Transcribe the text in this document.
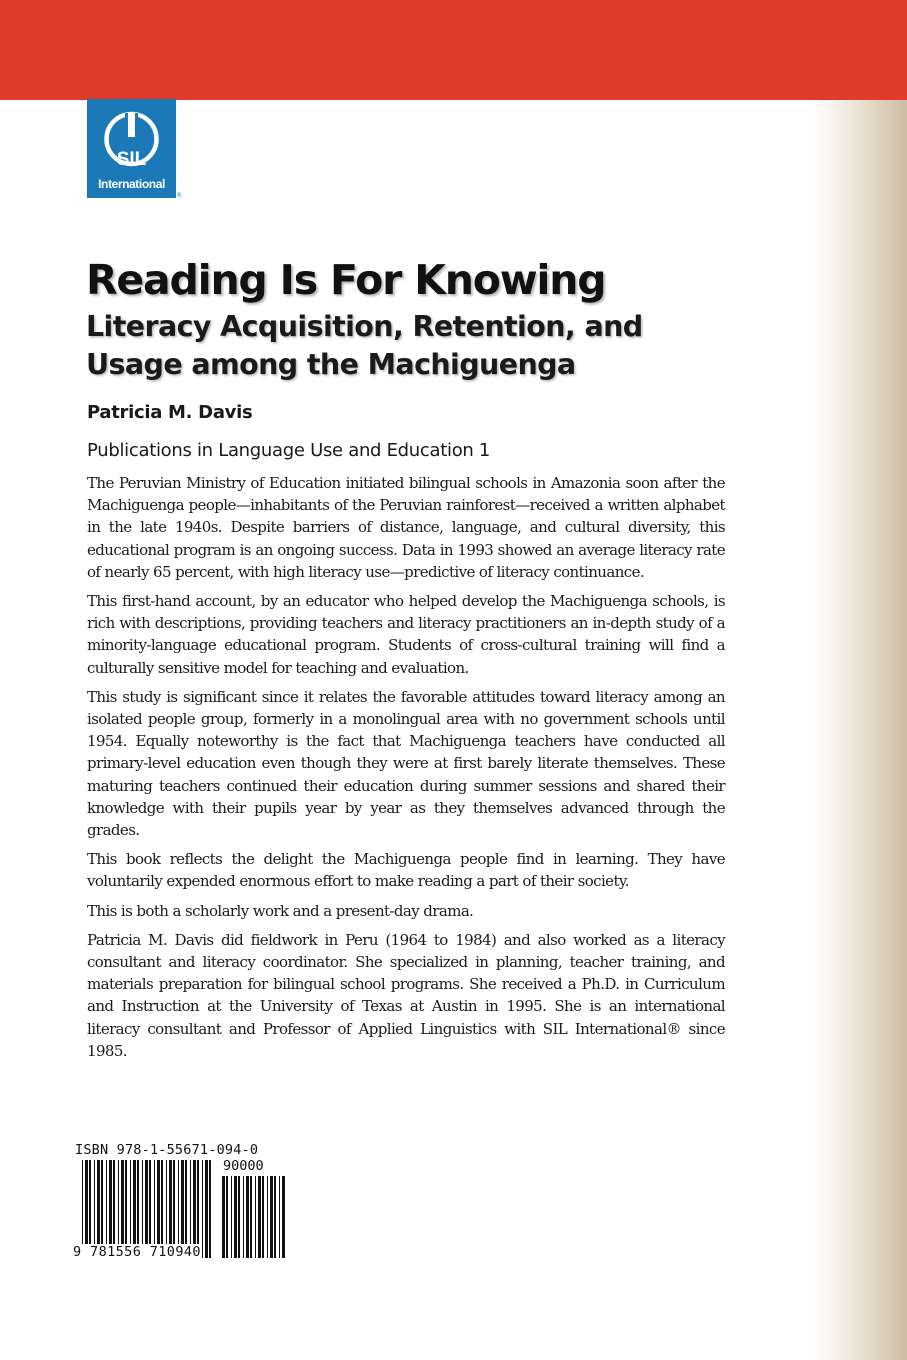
SIL
International
®
Reading Is For Knowing
Literacy Acquisition, Retention, and Usage among the Machiguenga
Patricia M. Davis
Publications in Language Use and Education 1

The Peruvian Ministry of Education initiated bilingual schools in Amazonia soon after the Machiguenga people—inhabitants of the Peruvian rainforest—received a written alphabet in the late 1940s. Despite barriers of distance, language, and cultural diversity, this educational program is an ongoing success. Data in 1993 showed an average literacy rate of nearly 65 percent, with high literacy use—predictive of literacy continuance.

This first-hand account, by an educator who helped develop the Machiguenga schools, is rich with descriptions, providing teachers and literacy practitioners an in-depth study of a minority-language educational program. Students of cross-cultural training will find a culturally sensitive model for teaching and evaluation.

This study is significant since it relates the favorable attitudes toward literacy among an isolated people group, formerly in a monolingual area with no government schools until 1954. Equally noteworthy is the fact that Machiguenga teachers have conducted all primary-level education even though they were at first barely literate themselves. These maturing teachers continued their education during summer sessions and shared their knowledge with their pupils year by year as they themselves advanced through the grades.

This book reflects the delight the Machiguenga people find in learning. They have voluntarily expended enormous effort to make reading a part of their society.

This is both a scholarly work and a present-day drama.

Patricia M. Davis did fieldwork in Peru (1964 to 1984) and also worked as a literacy consultant and literacy coordinator. She specialized in planning, teacher training, and materials preparation for bilingual school programs. She received a Ph.D. in Curriculum and Instruction at the University of Texas at Austin in 1995. She is an international literacy consultant and Professor of Applied Linguistics with SIL International® since 1985.

ISBN 978-1-55671-094-0
90000
9 781556 710940
